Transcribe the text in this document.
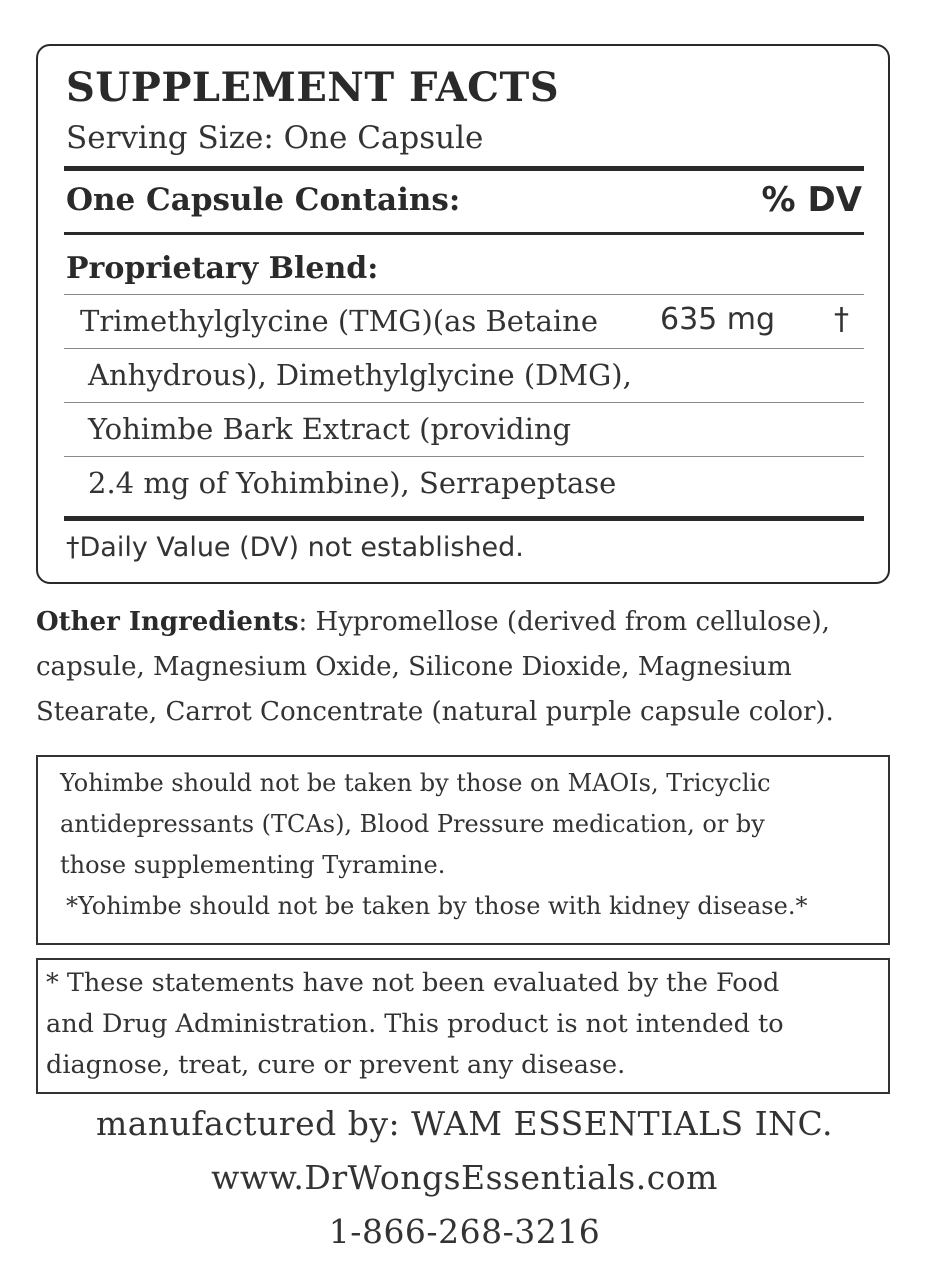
SUPPLEMENT FACTS
Serving Size: One Capsule
One Capsule Contains:	% DV
Proprietary Blend:
Trimethylglycine (TMG)(as Betaine 635 mg †
Anhydrous), Dimethylglycine (DMG),
Yohimbe Bark Extract (providing
2.4 mg of Yohimbine), Serrapeptase
†Daily Value (DV) not established.
Other Ingredients: Hypromellose (derived from cellulose), capsule, Magnesium Oxide, Silicone Dioxide, Magnesium Stearate, Carrot Concentrate (natural purple capsule color).
Yohimbe should not be taken by those on MAOIs, Tricyclic
antidepressants (TCAs), Blood Pressure medication, or by
those supplementing Tyramine.
*Yohimbe should not be taken by those with kidney disease.*
* These statements have not been evaluated by the Food
and Drug Administration. This product is not intended to
diagnose, treat, cure or prevent any disease.
manufactured by: WAM ESSENTIALS INC.
www.DrWongsEssentials.com
1-866-268-3216
